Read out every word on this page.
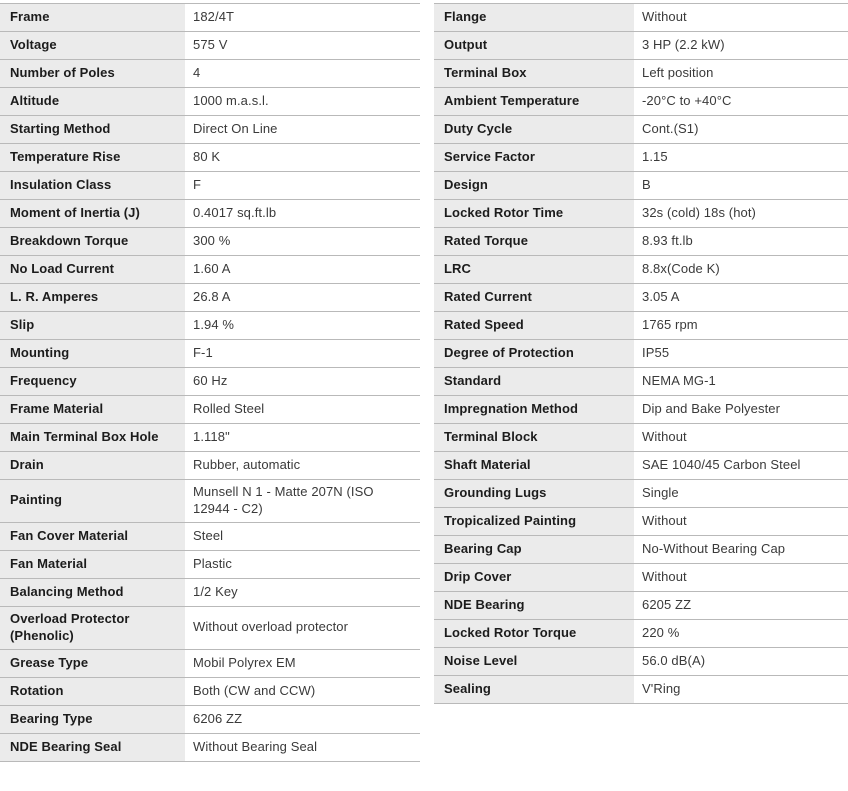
Frame	182/4T
Voltage	575 V
Number of Poles	4
Altitude	1000 m.a.s.l.
Starting Method	Direct On Line
Temperature Rise	80 K
Insulation Class	F
Moment of Inertia (J)	0.4017 sq.ft.lb
Breakdown Torque	300 %
No Load Current	1.60 A
L. R. Amperes	26.8 A
Slip	1.94 %
Mounting	F-1
Frequency	60 Hz
Frame Material	Rolled Steel
Main Terminal Box Hole	1.118"
Drain	Rubber, automatic
Painting	Munsell N 1 - Matte 207N (ISO 12944 - C2)
Fan Cover Material	Steel
Fan Material	Plastic
Balancing Method	1/2 Key
Overload Protector (Phenolic)	Without overload protector
Grease Type	Mobil Polyrex EM
Rotation	Both (CW and CCW)
Bearing Type	6206 ZZ
NDE Bearing Seal	Without Bearing Seal
Flange	Without
Output	3 HP (2.2 kW)
Terminal Box	Left position
Ambient Temperature	-20°C to +40°C
Duty Cycle	Cont.(S1)
Service Factor	1.15
Design	B
Locked Rotor Time	32s (cold) 18s (hot)
Rated Torque	8.93 ft.lb
LRC	8.8x(Code K)
Rated Current	3.05 A
Rated Speed	1765 rpm
Degree of Protection	IP55
Standard	NEMA MG-1
Impregnation Method	Dip and Bake Polyester
Terminal Block	Without
Shaft Material	SAE 1040/45 Carbon Steel
Grounding Lugs	Single
Tropicalized Painting	Without
Bearing Cap	No-Without Bearing Cap
Drip Cover	Without
NDE Bearing	6205 ZZ
Locked Rotor Torque	220 %
Noise Level	56.0 dB(A)
Sealing	V'Ring
